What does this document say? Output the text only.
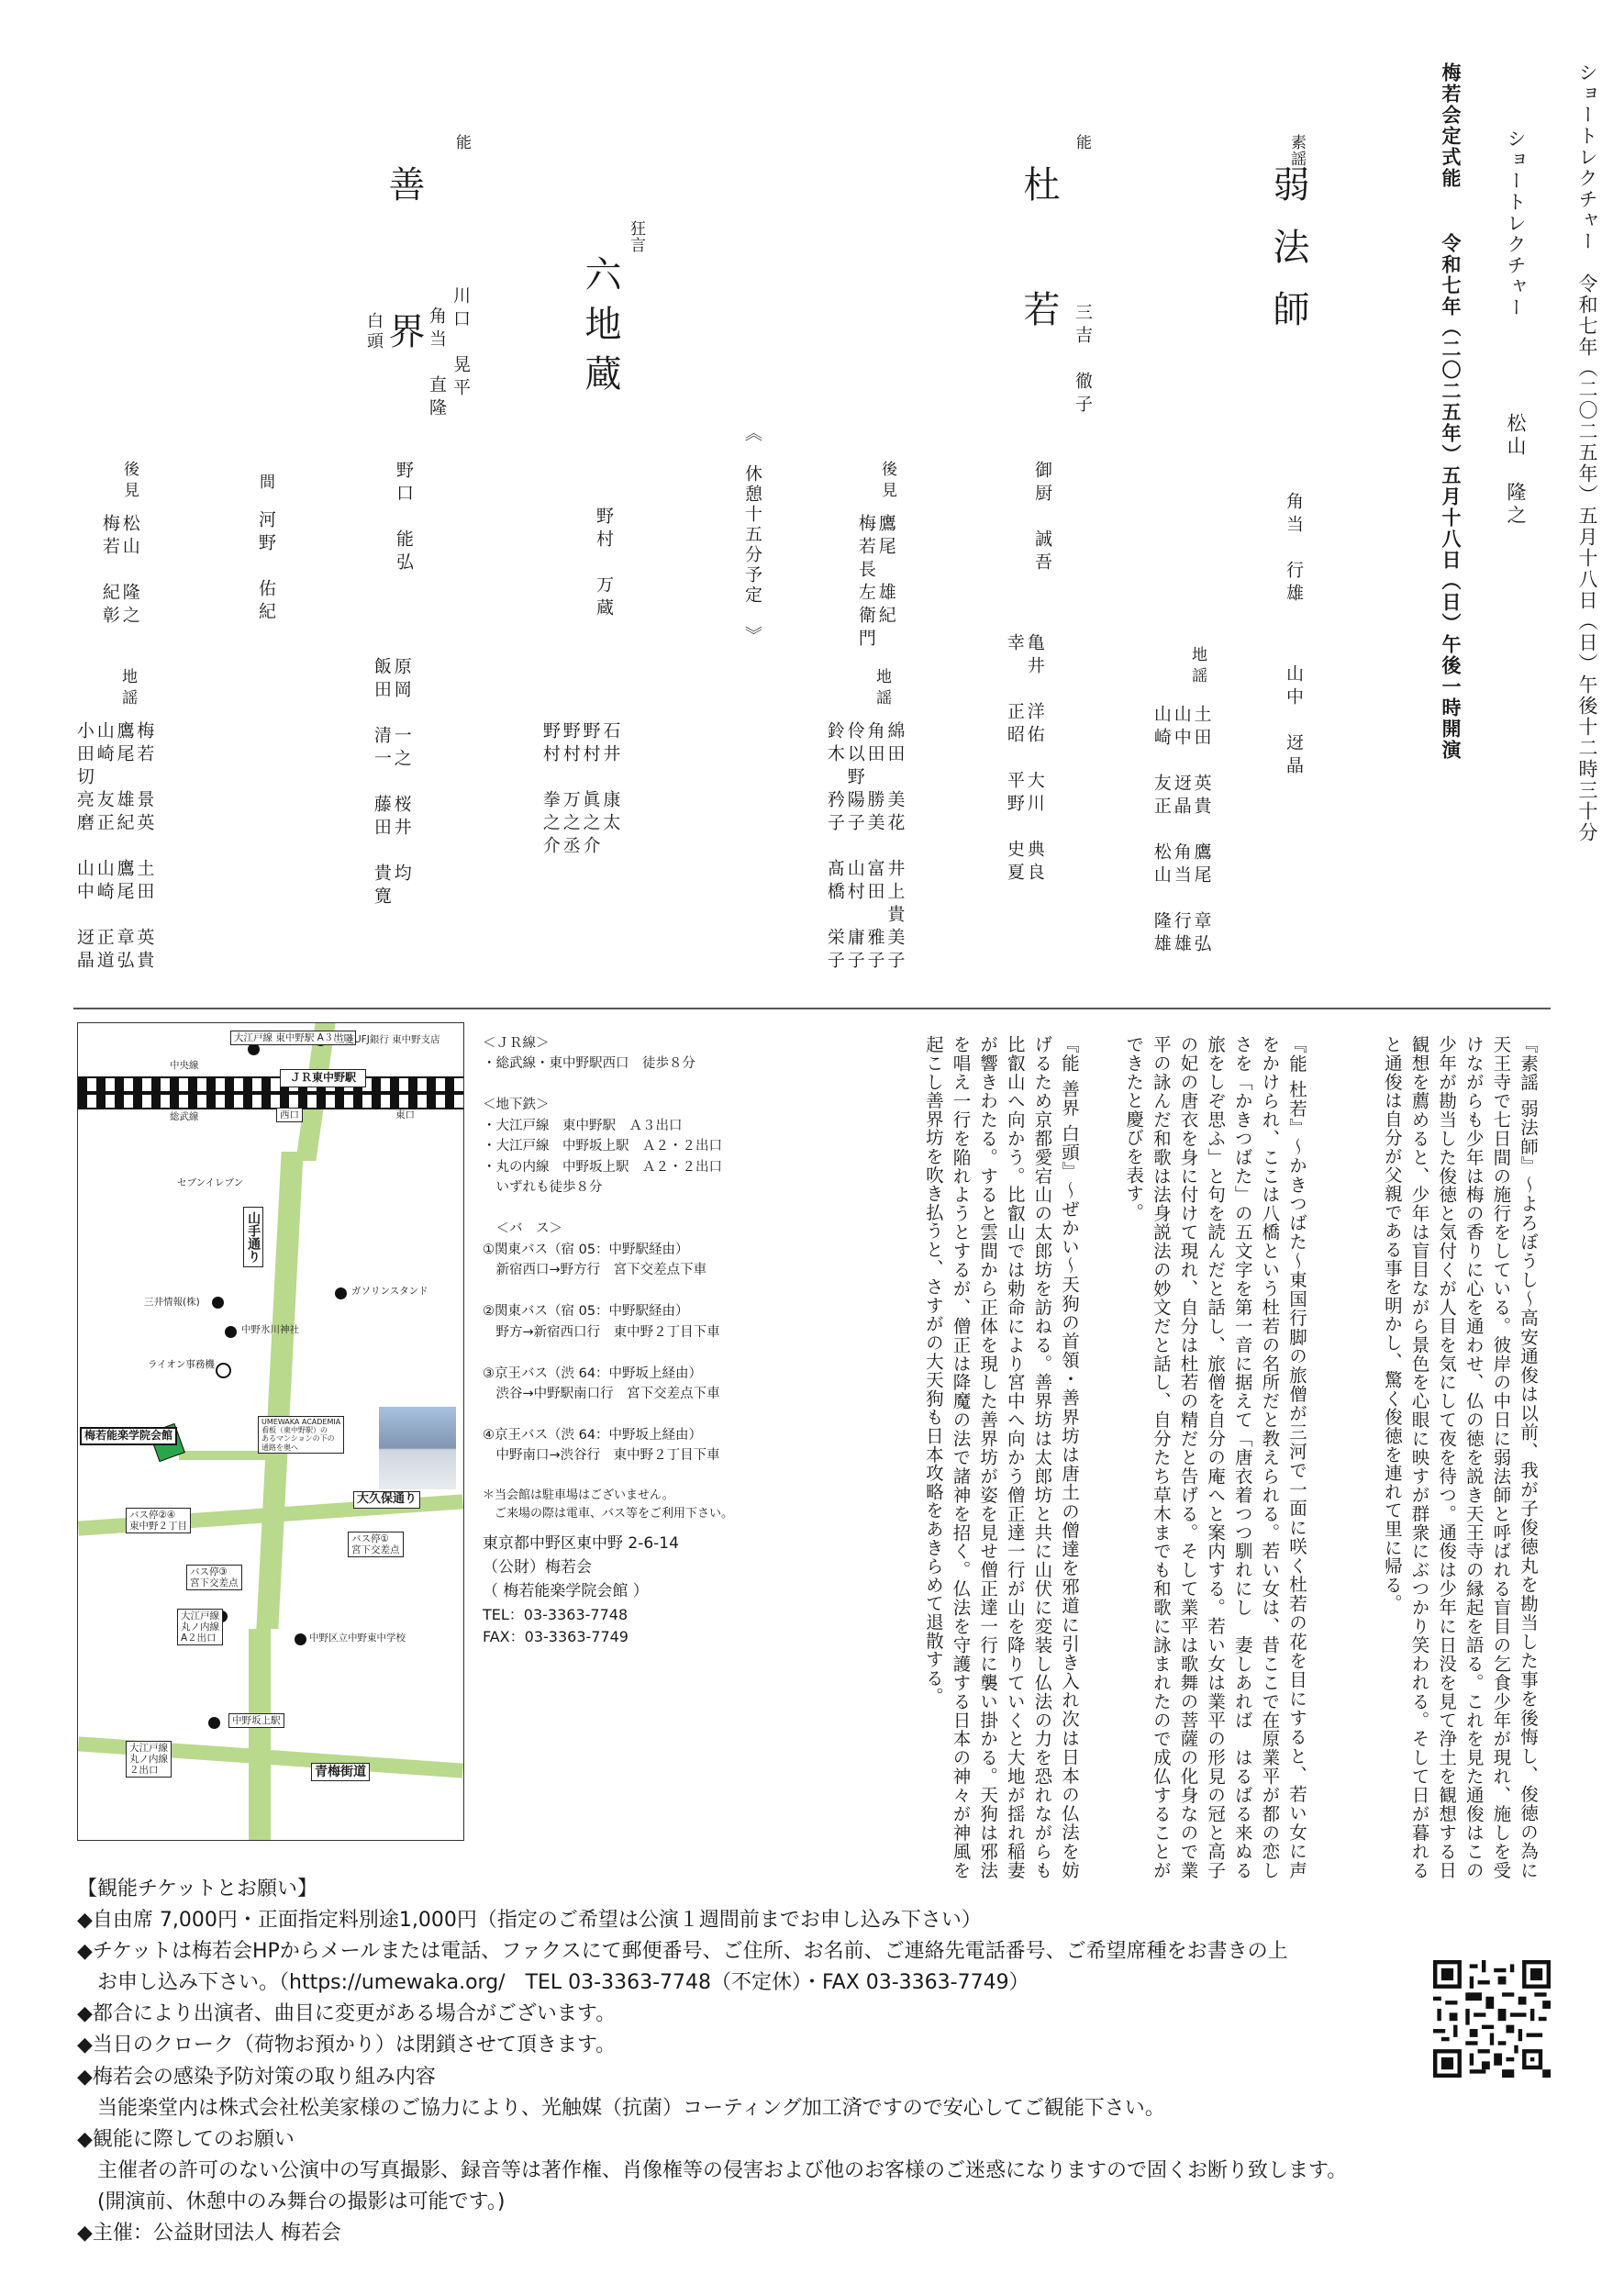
ショートレクチャー　令和七年（二〇二五年）五月十八日（日）午後十二時三十分
ショートレクチャー
松山　隆之
梅若会定式能
令和七年（二〇二五年）五月十八日（日）午後一時開演
素謡
弱法師
角当　行雄
山中　迓晶
地謡
土田　英貴　鷹尾　章弘
山中　迓晶　角当　行雄
山崎　友正　松山　隆雄
能
杜　若
三吉　徹子
御厨　誠吾
亀井　洋佑　大川　典良
幸　　正昭　平野　史夏
後見
鷹尾　雄紀
梅若長左衛門
地謡
綿田　美花　井上貴美子
角田　勝美　富田　雅子
伶以野陽子　山村　庸子
鈴木　矜子　髙橋　栄子
《　休憩十五分予定　》
狂言
六地蔵
野村　万蔵
石井　康太
野村　眞之介
野村　万之丞
野村　拳之介
能
善　界
白頭	川口　晃平
角当　直隆
野口　能弘
間
河野　佑紀
原岡　一之　桜井　均
飯田　清一　藤田　貴寛
後見
松山　隆之
梅若　紀彰
地謡
梅若　景英　土田　英貴
鷹尾　雄紀　鷹尾　章弘
山崎　友正　山崎　正道
小田切亮磨　山中　迓晶
『素謡 弱法師』〜よろぼうし〜高安通俊は以前、我が子俊徳丸を勘当した事を後悔し、俊徳の為に天王寺で七日間の施行をしている。彼岸の中日に弱法師と呼ばれる盲目の乞食少年が現れ、施しを受けながらも少年は梅の香りに心を通わせ、仏の徳を説き天王寺の縁起を語る。これを見た通俊はこの少年が勘当した俊徳と気付くが人目を気にして夜を待つ。通俊は少年に日没を見て浄土を観想する日観想を薦めると、少年は盲目ながら景色を心眼に映すが群衆にぶつかり笑われる。そして日が暮れると通俊は自分が父親である事を明かし、驚く俊徳を連れて里に帰る。
『能 杜若』〜かきつばた〜東国行脚の旅僧が三河で一面に咲く杜若の花を目にすると、若い女に声をかけられ、ここは八橋という杜若の名所だと教えられる。若い女は、昔ここで在原業平が都の恋しさを「かきつばた」の五文字を第一音に据えて「唐衣着つつ馴れにし　妻しあれば　はるばる来ぬる　旅をしぞ思ふ」と句を読んだと話し、旅僧を自分の庵へと案内する。若い女は業平の形見の冠と高子の妃の唐衣を身に付けて現れ、自分は杜若の精だと告げる。そして業平は歌舞の菩薩の化身なので業平の詠んだ和歌は法身説法の妙文だと話し、自分たち草木までも和歌に詠まれたので成仏することができたと慶びを表す。
『能 善界 白頭』〜ぜかい〜天狗の首領・善界坊は唐土の僧達を邪道に引き入れ次は日本の仏法を妨げるため京都愛宕山の太郎坊を訪ねる。善界坊は太郎坊と共に山伏に変装し仏法の力を恐れながらも比叡山へ向かう。比叡山では勅命により宮中へ向かう僧正達一行が山を降りていくと大地が揺れ稲妻が響きわたる。すると雲間から正体を現した善界坊が姿を見せ僧正達一行に襲い掛かる。天狗は邪法を唱え一行を陥れようとするが、僧正は降魔の法で諸神を招く。仏法を守護する日本の神々が神風を起こし善界坊を吹き払うと、さすがの大天狗も日本攻略をあきらめて退散する。

＜ＪＲ線＞

・総武線・東中野駅西口　徒歩８分

＜地下鉄＞

・大江戸線　東中野駅　Ａ３出口

・大江戸線　中野坂上駅　Ａ２・２出口

・丸の内線　中野坂上駅　Ａ２・２出口

　いずれも徒歩８分

　＜バ　ス＞

①関東バス（宿 05：中野駅経由）

　新宿西口→野方行　宮下交差点下車

②関東バス（宿 05：中野駅経由）

　野方→新宿西口行　東中野２丁目下車

③京王バス（渋 64：中野坂上経由）

　渋谷→中野駅南口行　宮下交差点下車

④京王バス（渋 64：中野坂上経由）

　中野南口→渋谷行　東中野２丁目下車

＊当会館は駐車場はございません。

　ご来場の際は電車、バス等をご利用下さい。

東京都中野区東中野 2-6-14

（公財）梅若会

（ 梅若能楽学院会館 ）

TEL：03-3363-7748

FAX：03-3363-7749

ＪＲ東中野駅
大江戸線 東中野駅 A３出口
三菱UFJ銀行 東中野支店
中央線
総武線	西口	東口
セブンイレブン
山手通り
ガソリンスタンド
三井情報(株)
中野氷川神社
ライオン事務機
UMEWAKA ACADEMIA
看板（東中野駅）の
あるマンションの下の
通路を奥へ
梅若能楽学院会館
大久保通り
バス停②④
東中野２丁目
バス停①
宮下交差点
バス停③
宮下交差点
大江戸線
丸ノ内線
A２出口	中野区立中野東中学校
中野坂上駅
大江戸線
丸ノ内線
２出口	青梅街道

【観能チケットとお願い】

◆自由席 7,000円・正面指定料別途1,000円（指定のご希望は公演１週間前までお申し込み下さい）

◆チケットは梅若会HPからメールまたは電話、ファクスにて郵便番号、ご住所、お名前、ご連絡先電話番号、ご希望席種をお書きの上

　お申し込み下さい。（https://umewaka.org/　TEL 03-3363-7748（不定休）・FAX 03-3363-7749）

◆都合により出演者、曲目に変更がある場合がございます。

◆当日のクローク（荷物お預かり）は閉鎖させて頂きます。

◆梅若会の感染予防対策の取り組み内容

　当能楽堂内は株式会社松美家様のご協力により、光触媒（抗菌）コーティング加工済ですので安心してご観能下さい。

◆観能に際してのお願い

　主催者の許可のない公演中の写真撮影、録音等は著作権、肖像権等の侵害および他のお客様のご迷惑になりますので固くお断り致します。

　(開演前、休憩中のみ舞台の撮影は可能です。)

◆主催：公益財団法人 梅若会
